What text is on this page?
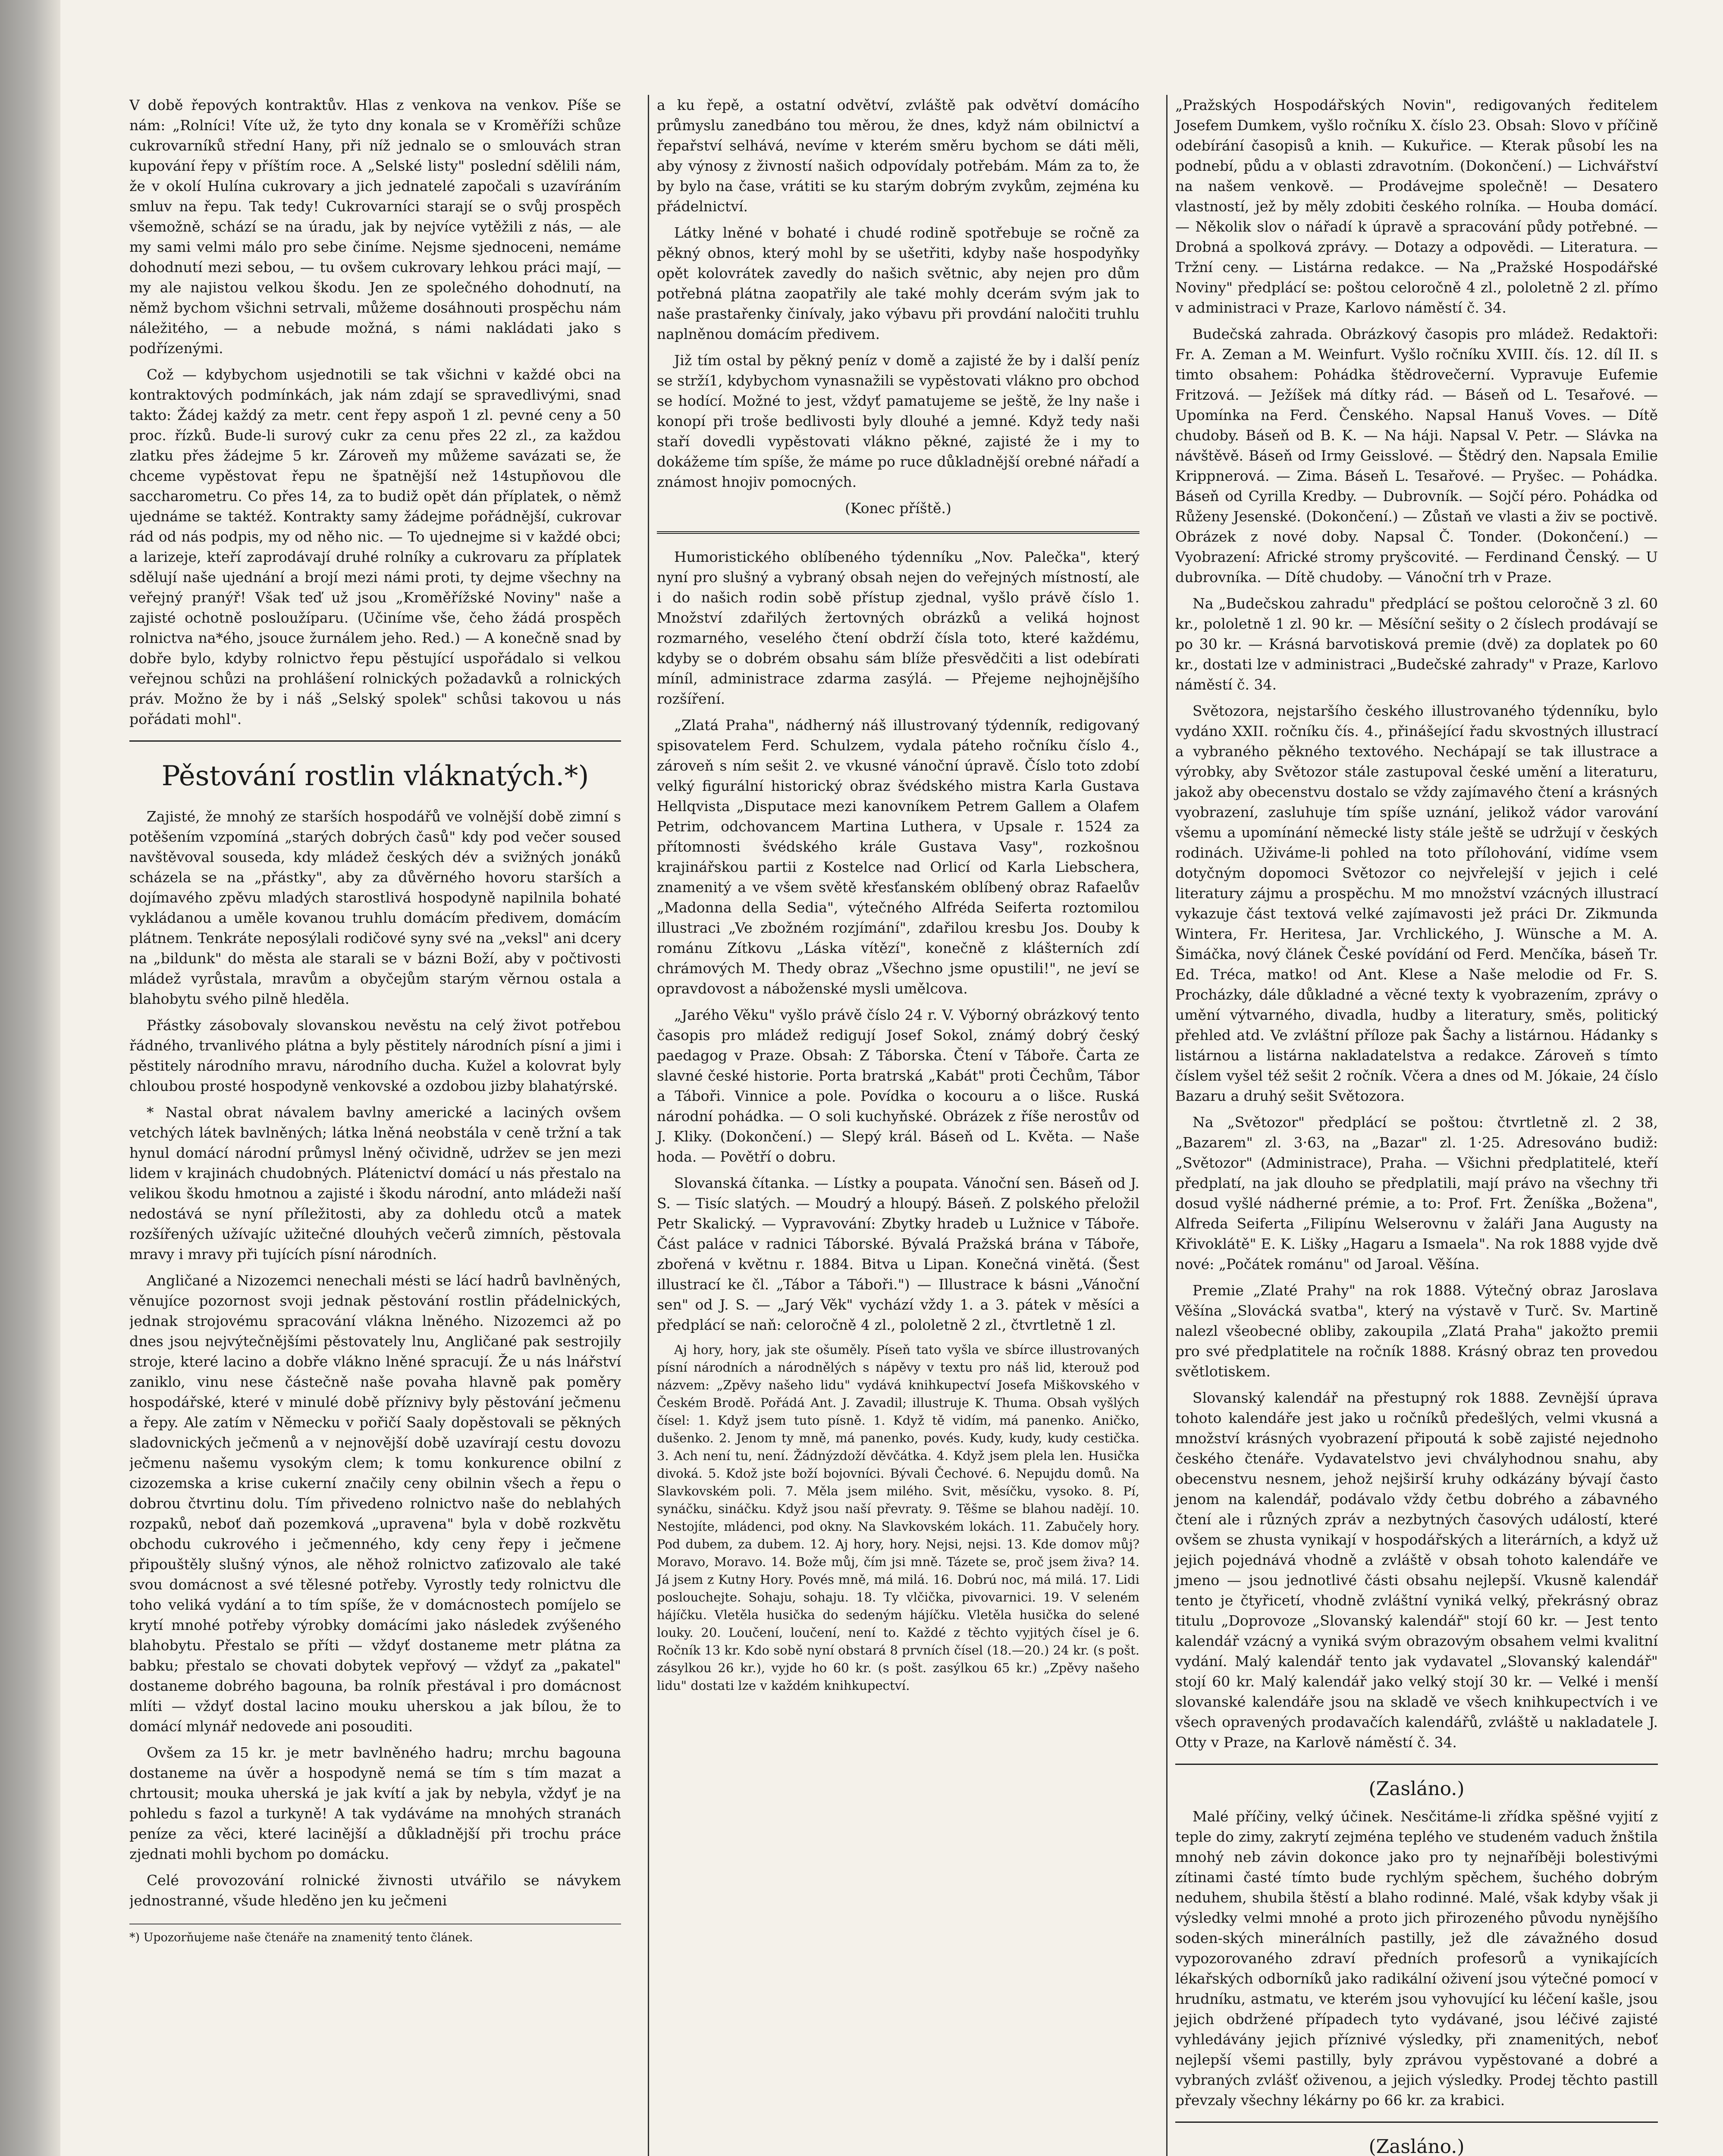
V době řepových kontraktův. Hlas z venkova na venkov. Píše se nám: „Rolníci! Víte už, že tyto dny konala se v Kroměříži schůze cukrovarníků střední Hany, při níž jednalo se o smlouvách stran kupování řepy v příštím roce. A „Selské listy" poslední sdělili nám, že v okolí Hulína cukrovary a jich jednatelé započali s uzavíráním smluv na řepu. Tak tedy! Cukrovarníci starají se o svůj prospěch všemožně, schází se na úradu, jak by nejvíce vytěžili z nás, — ale my sami velmi málo pro sebe činíme. Nejsme sjednoceni, nemáme dohodnutí mezi sebou, — tu ovšem cukrovary lehkou práci mají, — my ale najistou velkou škodu. Jen ze společného dohodnutí, na němž bychom všichni setrvali, můžeme dosáhnouti prospěchu nám náležitého, — a nebude možná, s námi nakládati jako s podřízenými.

Což — kdybychom usjednotili se tak všichni v každé obci na kontraktových podmínkách, jak nám zdají se spravedlivými, snad takto: Žádej každý za metr. cent řepy aspoň 1 zl. pevné ceny a 50 proc. řízků. Bude-li surový cukr za cenu přes 22 zl., za každou zlatku přes žádejme 5 kr. Zároveň my můžeme savázati se, že chceme vypěstovat řepu ne špatnější než 14stupňovou dle saccharometru. Co přes 14, za to budiž opět dán příplatek, o němž ujednáme se taktéž. Kontrakty samy žádejme pořádnější, cukrovar rád od nás podpis, my od něho nic. — To ujednejme si v každé obci; a larizeje, kteří zaprodávají druhé rolníky a cukrovaru za příplatek sdělují naše ujednání a brojí mezi námi proti, ty dejme všechny na veřejný pranýř! Však teď už jsou „Kroměřížské Noviny" naše a zajisté ochotně posloužíparu. (Učiníme vše, čeho žádá prospěch rolnictva na*ého, jsouce žurnálem jeho. Red.) — A konečně snad by dobře bylo, kdyby rolnictvo řepu pěstující uspořádalo si velkou veřejnou schůzi na prohlášení rolnických požadavků a rolnických práv. Možno že by i náš „Selský spolek" schůsi takovou u nás pořádati mohl".

Pěstování rostlin vláknatých.*)

Zajisté, že mnohý ze starších hospodářů ve volnější době zimní s potěšením vzpomíná „starých dobrých časů" kdy pod večer soused navštěvoval souseda, kdy mládež českých dév a svižných jonáků scházela se na „přástky", aby za důvěrného hovoru starších a dojímavého zpěvu mladých starostlivá hospodyně napilnila bohaté vykládanou a uměle kovanou truhlu domácím předivem, domácím plátnem. Tenkráte neposýlali rodičové syny své na „veksl" ani dcery na „bildunk" do města ale starali se v bázni Boží, aby v počtivosti mládež vyrůstala, mravům a obyčejům starým věrnou ostala a blahobytu svého pilně hleděla.

Přástky zásobovaly slovanskou nevěstu na celý život potřebou řádného, trvanlivého plátna a byly pěstitely národních písní a jimi i pěstitely národního mravu, národního ducha. Kužel a kolovrat byly chloubou prosté hospodyně venkovské a ozdobou jizby blahatýrské.

* Nastal obrat návalem bavlny americké a laciných ovšem vetchých látek bavlněných; látka lněná neobstála v ceně tržní a tak hynul domácí národní průmysl lněný očividně, udržev se jen mezi lidem v krajinách chudobných. Plátenictví domácí u nás přestalo na velikou škodu hmotnou a zajisté i škodu národní, anto mládeži naší nedostává se nyní příležitosti, aby za dohledu otců a matek rozšířených užívajíc užitečné dlouhých večerů zimních, pěstovala mravy i mravy při tujících písní národních.

Angličané a Nizozemci nenechali mésti se lácí hadrů bavlněných, věnujíce pozornost svoji jednak pěstování rostlin přádelnických, jednak strojovému spracování vlákna lněného. Nizozemci až po dnes jsou nejvýtečnějšími pěstovately lnu, Angličané pak sestrojily stroje, které lacino a dobře vlákno lněné spracují. Že u nás lnářství zaniklo, vinu nese částečně naše povaha hlavně pak poměry hospodářské, které v minulé době příznivy byly pěstování ječmenu a řepy. Ale zatím v Německu v pořičí Saaly dopěstovali se pěkných sladovnických ječmenů a v nejnovější době uzavírají cestu dovozu ječmenu našemu vysokým clem; k tomu konkurence obilní z cizozemska a krise cukerní značily ceny obilnin všech a řepu o dobrou čtvrtinu dolu. Tím přivedeno rolnictvo naše do neblahých rozpaků, neboť daň pozemková „upravena" byla v době rozkvětu obchodu cukrového i ječmenného, kdy ceny řepy i ječmene připouštěly slušný výnos, ale něhož rolnictvo zaťizovalo ale také svou domácnost a své tělesné potřeby. Vyrostly tedy rolnictvu dle toho veliká vydání a to tím spíše, že v domácnostech pomíjelo se krytí mnohé potřeby výrobky domácími jako následek zvýšeného blahobytu. Přestalo se příti — vždyť dostaneme metr plátna za babku; přestalo se chovati dobytek vepřový — vždyť za „pakatel" dostaneme dobrého bagouna, ba rolník přestával i pro domácnost mlíti — vždyť dostal lacino mouku uherskou a jak bílou, že to domácí mlynář nedovede ani posouditi.

Ovšem za 15 kr. je metr bavlněného hadru; mrchu bagouna dostaneme na úvěr a hospodyně nemá se tím s tím mazat a chrtousit; mouka uherská je jak kvítí a jak by nebyla, vždyť je na pohledu s fazol a turkyně! A tak vydáváme na mnohých stranách peníze za věci, které lacinější a důkladnější při trochu práce zjednati mohli bychom po domácku.

Celé provozování rolnické živnosti utvářilo se návykem jednostranné, všude hleděno jen ku ječmeni

*) Upozorňujeme naše čtenáře na znamenitý tento článek.

a ku řepě, a ostatní odvětví, zvláště pak odvětví domácího průmyslu zanedbáno tou měrou, že dnes, když nám obilnictví a řepařství selhává, nevíme v kterém směru bychom se dáti měli, aby výnosy z živností našich odpovídaly potřebám. Mám za to, že by bylo na čase, vrátiti se ku starým dobrým zvykům, zejména ku přádelnictví.

Látky lněné v bohaté i chudé rodině spotřebuje se ročně za pěkný obnos, který mohl by se ušetřiti, kdyby naše hospodyňky opět kolovrátek zavedly do našich světnic, aby nejen pro dům potřebná plátna zaopatřily ale také mohly dcerám svým jak to naše prastařenky činívaly, jako výbavu při provdání naločiti truhlu naplněnou domácím předivem.

Již tím ostal by pěkný peníz v domě a zajisté že by i další peníz se strží1, kdybychom vynasnažili se vypěstovati vlákno pro obchod se hodící. Možné to jest, vždyť pamatujeme se ještě, že lny naše i konopí při troše bedlivosti byly dlouhé a jemné. Když tedy naši staří dovedli vypěstovati vlákno pěkné, zajisté že i my to dokážeme tím spíše, že máme po ruce důkladnější orebné nářadí a známost hnojiv pomocných.

(Konec příště.)

Humoristického oblíbeného týdenníku „Nov. Palečka", který nyní pro slušný a vybraný obsah nejen do veřejných místností, ale i do našich rodin sobě přístup zjednal, vyšlo právě číslo 1. Množství zdařilých žertovných obrázků a veliká hojnost rozmarného, veselého čtení obdrží čísla toto, které každému, kdyby se o dobrém obsahu sám blíže přesvědčiti a list odebírati míníl, administrace zdarma zasýlá. — Přejeme nejhojnějšího rozšíření.

„Zlatá Praha", nádherný náš illustrovaný týdenník, redigovaný spisovatelem Ferd. Schulzem, vydala páteho ročníku číslo 4., zároveň s ním sešit 2. ve vkusné vánoční úpravě. Číslo toto zdobí velký figurální historický obraz švédského mistra Karla Gustava Hellqvista „Disputace mezi kanovníkem Petrem Gallem a Olafem Petrim, odchovancem Martina Luthera, v Upsale r. 1524 za přítomnosti švédského krále Gustava Vasy", rozkošnou krajinářskou partii z Kostelce nad Orlicí od Karla Liebschera, znamenitý a ve všem světě křesťanském oblíbený obraz Rafaelův „Madonna della Sedia", výtečného Alfréda Seiferta roztomilou illustraci „Ve zbožném rozjímání", zdařilou kresbu Jos. Douby k románu Zítkovu „Láska vítězí", konečně z klášterních zdí chrámových M. Thedy obraz „Všechno jsme opustili!", ne jeví se opravdovost a náboženské mysli umělcova.

„Jarého Věku" vyšlo právě číslo 24 r. V. Výborný obrázkový tento časopis pro mládež redigují Josef Sokol, známý dobrý český paedagog v Praze. Obsah: Z Táborska. Čtení v Táboře. Čarta ze slavné české historie. Porta bratrská „Kabát" proti Čechům, Tábor a Táboři. Vinnice a pole. Povídka o kocouru a o lišce. Ruská národní pohádka. — O soli kuchyňské. Obrázek z říše nerostův od J. Kliky. (Dokončení.) — Slepý král. Báseň od L. Květa. — Naše hoda. — Povětří o dobru.

Slovanská čítanka. — Lístky a poupata. Vánoční sen. Báseň od J. S. — Tisíc slatých. — Moudrý a hloupý. Báseň. Z polského přeložil Petr Skalický. — Vypravování: Zbytky hradeb u Lužnice v Táboře. Část paláce v radnici Táborské. Bývalá Pražská brána v Táboře, zbořená v květnu r. 1884. Bitva u Lipan. Konečná vinětá. (Šest illustrací ke čl. „Tábor a Táboři.") — Illustrace k básni „Vánoční sen" od J. S. — „Jarý Věk" vychází vždy 1. a 3. pátek v měsíci a předplácí se naň: celoročně 4 zl., pololetně 2 zl., čtvrtletně 1 zl.

Aj hory, hory, jak ste ošuměly. Píseň tato vyšla ve sbírce illustrovaných písní národních a národnělých s nápěvy v textu pro náš lid, kterouž pod názvem: „Zpěvy našeho lidu" vydává knihkupectví Josefa Miškovského v Českém Brodě. Pořádá Ant. J. Zavadil; illustruje K. Thuma. Obsah vyšlých čísel: 1. Když jsem tuto písně. 1. Když tě vidím, má panenko. Aničko, dušenko. 2. Jenom ty mně, má panenko, povés. Kudy, kudy, kudy cestička. 3. Ach není tu, není. Žádnýzdoží děvčátka. 4. Když jsem plela len. Husička divoká. 5. Kdož jste boží bojovníci. Bývali Čechové. 6. Nepujdu domů. Na Slavkovském poli. 7. Měla jsem milého. Svit, měsíčku, vysoko. 8. Pí, synáčku, sináčku. Když jsou naší převraty. 9. Těšme se blahou nadějí. 10. Nestojíte, mládenci, pod okny. Na Slavkovském lokách. 11. Zabučely hory. Pod dubem, za dubem. 12. Aj hory, hory. Nejsi, nejsi. 13. Kde domov můj? Moravo, Moravo. 14. Bože můj, čím jsi mně. Tázete se, proč jsem živa? 14. Já jsem z Kutny Hory. Povés mně, má milá. 16. Dobrú noc, má milá. 17. Lidi poslouchejte. Sohaju, sohaju. 18. Ty vlčička, pivovarnici. 19. V seleném hájíčku. Vletěla husička do sedeným hájíčku. Vletěla husička do selené louky. 20. Loučení, loučení, není to. Každé z těchto vyjitých čísel je 6. Ročník 13 kr. Kdo sobě nyní obstará 8 prvních čísel (18.—20.) 24 kr. (s pošt. zásylkou 26 kr.), vyjde ho 60 kr. (s pošt. zasýlkou 65 kr.) „Zpěvy našeho lidu" dostati lze v každém knihkupectví.

„Pražských Hospodářských Novin", redigovaných ředitelem Josefem Dumkem, vyšlo ročníku X. číslo 23. Obsah: Slovo v příčině odebírání časopisů a knih. — Kukuřice. — Kterak působí les na podnebí, půdu a v oblasti zdravotním. (Dokončení.) — Lichvářství na našem venkově. — Prodávejme společně! — Desatero vlastností, jež by měly zdobiti českého rolníka. — Houba domácí. — Několik slov o nářadí k úpravě a spracování půdy potřebné. — Drobná a spolková zprávy. — Dotazy a odpovědi. — Literatura. — Tržní ceny. — Listárna redakce. — Na „Pražské Hospodářské Noviny" předplácí se: poštou celoročně 4 zl., pololetně 2 zl. přímo v administraci v Praze, Karlovo náměstí č. 34.

Budečská zahrada. Obrázkový časopis pro mládež. Redaktoři: Fr. A. Zeman a M. Weinfurt. Vyšlo ročníku XVIII. čís. 12. díl II. s timto obsahem: Pohádka štědrovečerní. Vypravuje Eufemie Fritzová. — Ježíšek má dítky rád. — Báseň od L. Tesařové. — Upomínka na Ferd. Čenského. Napsal Hanuš Voves. — Dítě chudoby. Báseň od B. K. — Na háji. Napsal V. Petr. — Slávka na návštěvě. Báseň od Irmy Geisslové. — Štědrý den. Napsala Emilie Krippnerová. — Zima. Báseň L. Tesařové. — Pryšec. — Pohádka. Báseň od Cyrilla Kredby. — Dubrovník. — Sojčí péro. Pohádka od Růženy Jesenské. (Dokončení.) — Zůstaň ve vlasti a živ se poctivě. Obrázek z nové doby. Napsal Č. Tonder. (Dokončení.) — Vyobrazení: Africké stromy pryšcovité. — Ferdinand Čenský. — U dubrovníka. — Dítě chudoby. — Vánoční trh v Praze.

Na „Budečskou zahradu" předplácí se poštou celoročně 3 zl. 60 kr., pololetně 1 zl. 90 kr. — Měsíční sešity o 2 číslech prodávají se po 30 kr. — Krásná barvotisková premie (dvě) za doplatek po 60 kr., dostati lze v administraci „Budečské zahrady" v Praze, Karlovo náměstí č. 34.

Světozora, nejstaršího českého illustrovaného týdenníku, bylo vydáno XXII. ročníku čís. 4., přinášející řadu skvostných illustrací a vybraného pěkného textového. Nechápají se tak illustrace a výrobky, aby Světozor stále zastupoval české umění a literaturu, jakož aby obecenstvu dostalo se vždy zajímavého čtení a krásných vyobrazení, zasluhuje tím spíše uznání, jelikož vádor varování všemu a upomínání německé listy stále ještě se udržují v českých rodinách. Uživáme-li pohled na toto přílohování, vidíme vsem dotyčným dopomoci Světozor co nejvřelejší v jejich i celé literatury zájmu a prospěchu. M mo množství vzácných illustrací vykazuje část textová velké zajímavosti jež práci Dr. Zikmunda Wintera, Fr. Heritesa, Jar. Vrchlického, J. Wünsche a M. A. Šimáčka, nový článek České povídání od Ferd. Menčíka, báseň Tr. Ed. Tréca, matko! od Ant. Klese a Naše melodie od Fr. S. Procházky, dále důkladné a věcné texty k vyobrazením, zprávy o umění výtvarného, divadla, hudby a literatury, směs, politický přehled atd. Ve zvláštní příloze pak Šachy a listárnou. Hádanky s listárnou a listárna nakladatelstva a redakce. Zároveň s tímto číslem vyšel též sešit 2 ročník. Včera a dnes od M. Jókaie, 24 číslo Bazaru a druhý sešit Světozora.

Na „Světozor" předplácí se poštou: čtvrtletně zl. 2 38, „Bazarem" zl. 3·63, na „Bazar" zl. 1·25. Adresováno budiž: „Světozor" (Administrace), Praha. — Všichni předplatitelé, kteří předplatí, na jak dlouho se předplatili, mají právo na všechny tři dosud vyšlé nádherné prémie, a to: Prof. Frt. Ženíška „Božena", Alfreda Seiferta „Filipínu Welserovnu v žaláři Jana Augusty na Křivoklátě" E. K. Lišky „Hagaru a Ismaela". Na rok 1888 vyjde dvě nové: „Počátek románu" od Jaroal. Věšína.

Premie „Zlaté Prahy" na rok 1888. Výtečný obraz Jaroslava Věšína „Slovácká svatba", který na výstavě v Turč. Sv. Martině nalezl všeobecné obliby, zakoupila „Zlatá Praha" jakožto premii pro své předplatitele na ročník 1888. Krásný obraz ten provedou světlotiskem.

Slovanský kalendář na přestupný rok 1888. Zevnější úprava tohoto kalendáře jest jako u ročníků předešlých, velmi vkusná a množství krásných vyobrazení připoutá k sobě zajisté nejednoho českého čtenáře. Vydavatelstvo jevi chvályhodnou snahu, aby obecenstvu nesnem, jehož nejširší kruhy odkázány bývají často jenom na kalendář, podávalo vždy četbu dobrého a zábavného čtení ale i různých zpráv a nezbytných časových událostí, které ovšem se zhusta vynikají v hospodářských a literárních, a když už jejich pojednává vhodně a zvláště v obsah tohoto kalendáře ve jmeno — jsou jednotlivé části obsahu nejlepší. Vkusně kalendář tento je čtyřicetí, vhodně zvláštní vyniká velký, překrásný obraz titulu „Doprovoze „Slovanský kalendář" stojí 60 kr. — Jest tento kalendář vzácný a vyniká svým obrazovým obsahem velmi kvalitní vydání. Malý kalendář tento jak vydavatel „Slovanský kalendář" stojí 60 kr. Malý kalendář jako velký stojí 30 kr. — Velké i menší slovanské kalendáře jsou na skladě ve všech knihkupectvích i ve všech opravených prodavačích kalendářů, zvláště u nakladatele J. Otty v Praze, na Karlově náměstí č. 34.

(Zasláno.)

Malé příčiny, velký účinek. Nesčitáme-li zřídka spěšné vyjití z teple do zimy, zakrytí zejména teplého ve studeném vaduch žnštila mnohý neb závin dokonce jako pro ty nejnaříběji bolestivými zítinami časté tímto bude rychlým spěchem, šuchého dobrým neduhem, shubila štěstí a blaho rodinné. Malé, však kdyby však ji výsledky velmi mnohé a proto jich přirozeného původu nynějšího soden-ských minerálních pastilly, jež dle závažného dosud vypozorovaného zdraví předních profesorů a vynikajících lékařských odborníků jako radikální oživení jsou výtečné pomocí v hrudníku, astmatu, ve kterém jsou vyhovující ku léčení kašle, jsou jejich obdržené případech tyto vydávané, jsou léčivé zajisté vyhledávány jejich příznivé výsledky, při znamenitých, neboť nejlepší všemi pastilly, byly zprávou vypěstované a dobré a vybraných zvlášť oživenou, a jejich výsledky. Prodej těchto pastill převzaly všechny lékárny po 66 kr. za krabici.

(Zasláno.)
